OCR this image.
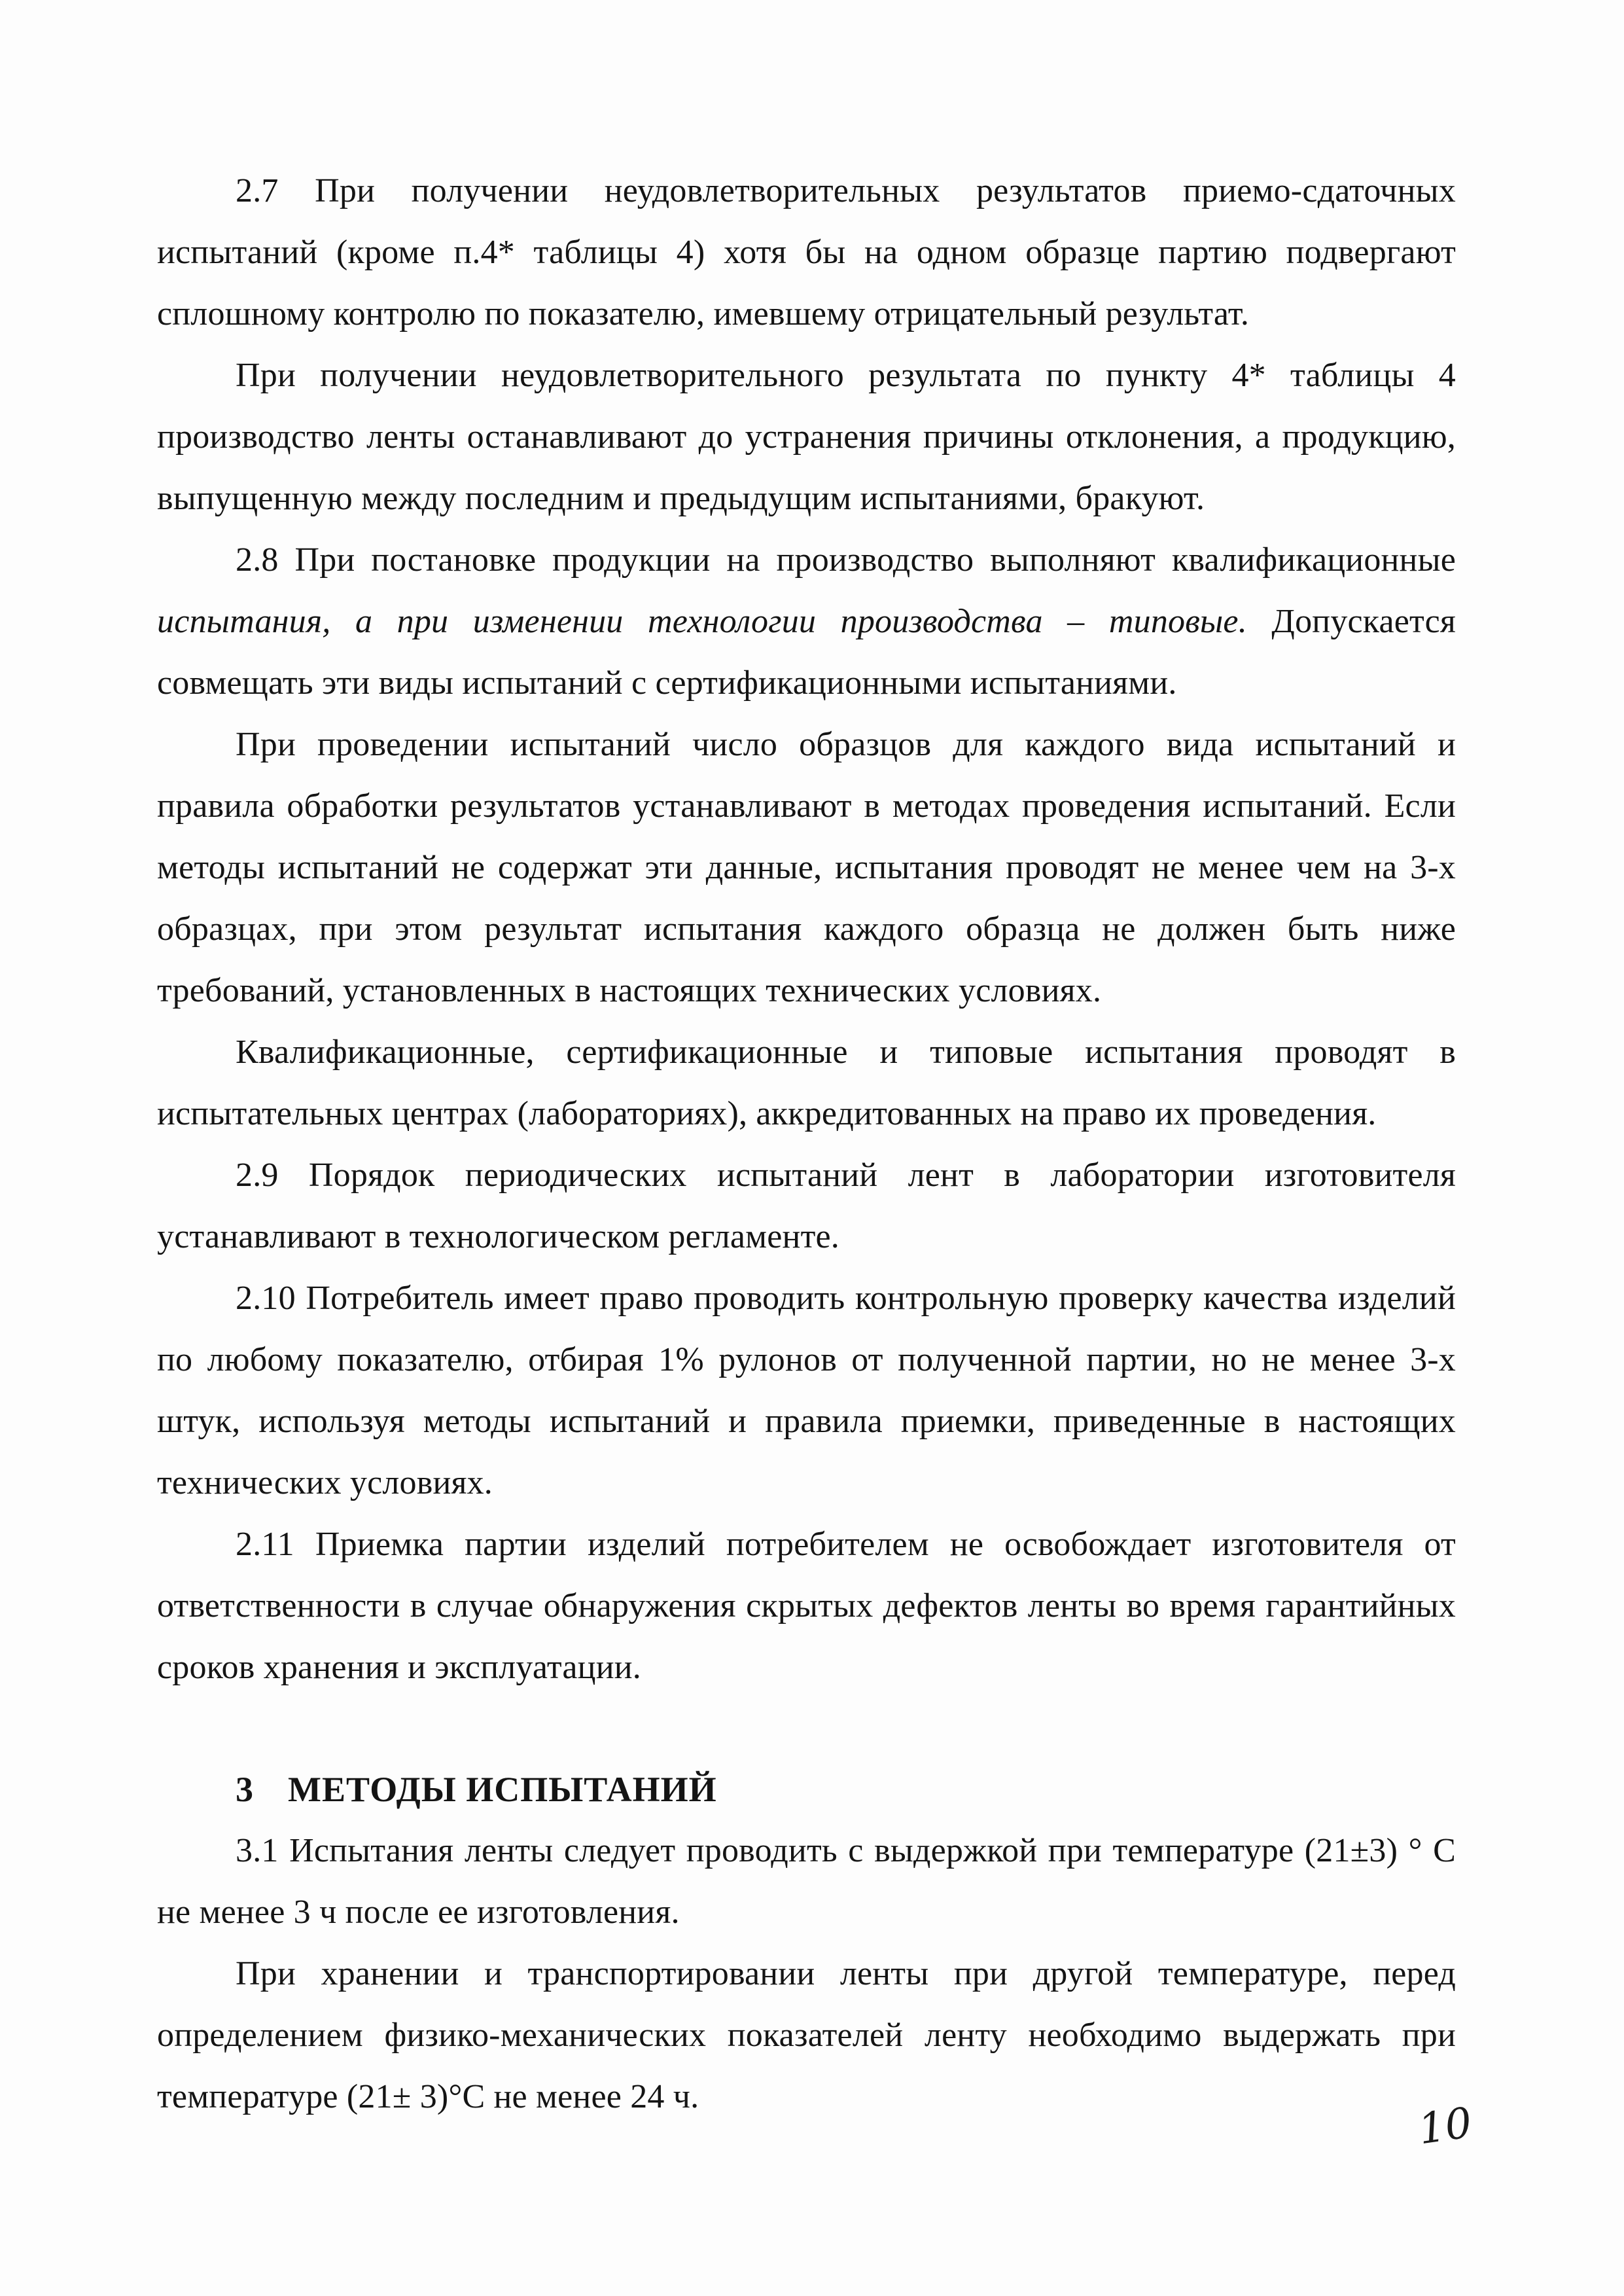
2.7 При получении неудовлетворительных результатов приемо-сдаточных испытаний (кроме п.4* таблицы 4) хотя бы на одном образце партию подвергают сплошному контролю по показателю, имевшему отрицательный результат.

При получении неудовлетворительного результата по пункту 4* таблицы 4 производство ленты останавливают до устранения причины отклонения, а продукцию, выпущенную между последним и предыдущим испытаниями, бракуют.

2.8 При постановке продукции на производство выполняют квалификационные испытания, а при изменении технологии производства – типовые. Допускается совмещать эти виды испытаний с сертификационными испытаниями.

При проведении испытаний число образцов для каждого вида испытаний и правила обработки результатов устанавливают в методах проведения испытаний. Если методы испытаний не содержат эти данные, испытания проводят не менее чем на 3-х образцах, при этом результат испытания каждого образца не должен быть ниже требований, установленных в настоящих технических условиях.

Квалификационные, сертификационные и типовые испытания проводят в испытательных центрах (лабораториях), аккредитованных на право их проведения.

2.9 Порядок периодических испытаний лент в лаборатории изготовителя устанавливают в технологическом регламенте.

2.10 Потребитель имеет право проводить контрольную проверку качества изделий по любому показателю, отбирая 1% рулонов от полученной партии, но не менее 3-х штук, используя методы испытаний и правила приемки, приведенные в настоящих технических условиях.

2.11 Приемка партии изделий потребителем не освобождает изготовителя от ответственности в случае обнаружения скрытых дефектов ленты во время гарантийных сроков хранения и эксплуатации.

3 МЕТОДЫ ИСПЫТАНИЙ

3.1 Испытания ленты следует проводить с выдержкой при температуре (21±3) ° С не менее 3 ч после ее изготовления.

При хранении и транспортировании ленты при другой температуре, перед определением физико-механических показателей ленту необходимо выдержать при температуре (21± 3)°С не менее 24 ч.

10
